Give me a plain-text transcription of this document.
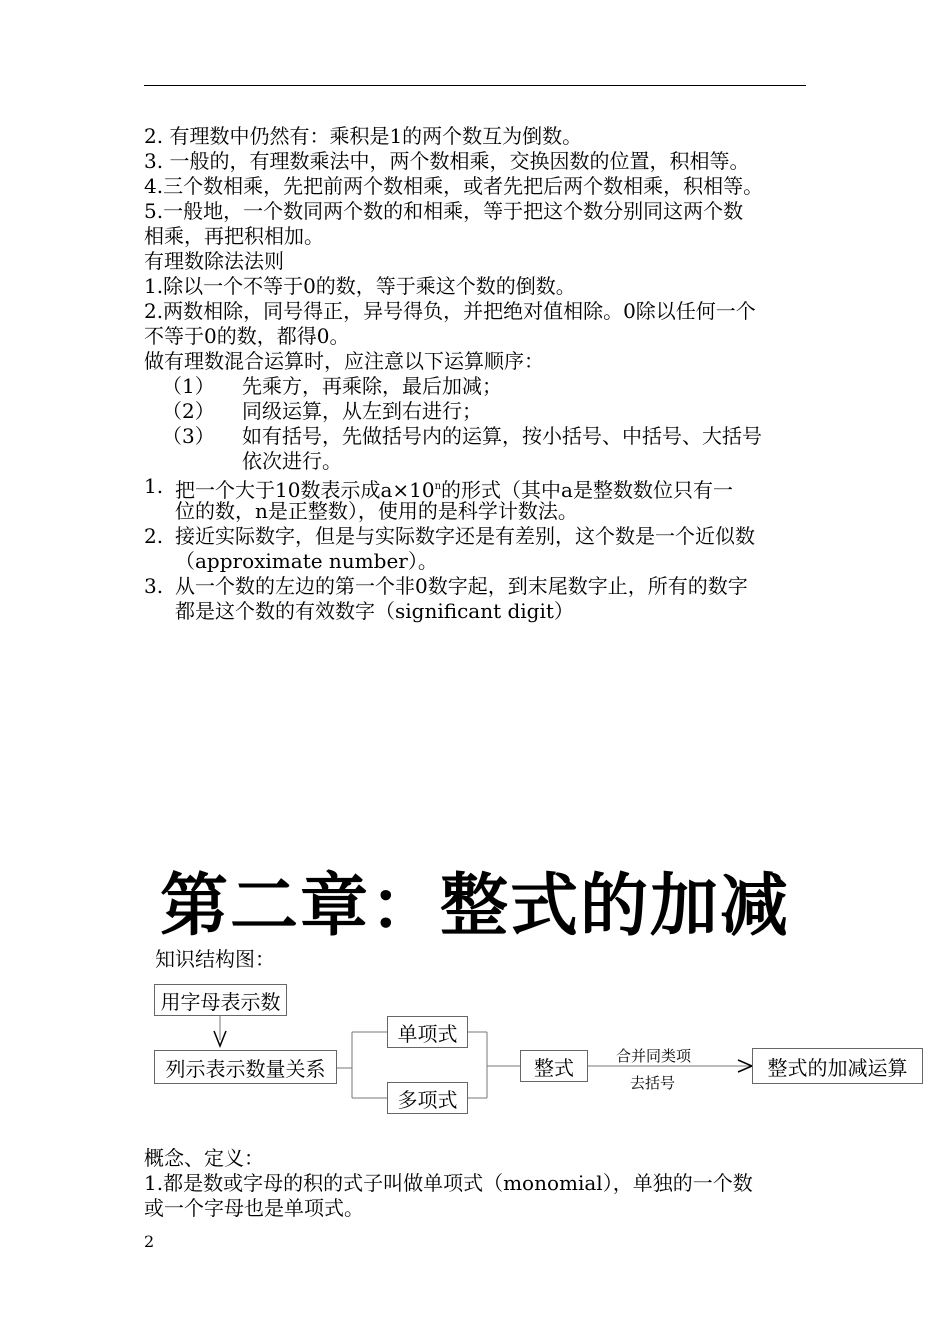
2. 有理数中仍然有：乘积是1的两个数互为倒数。
3. 一般的，有理数乘法中，两个数相乘，交换因数的位置，积相等。
4.三个数相乘，先把前两个数相乘，或者先把后两个数相乘，积相等。
5.一般地，一个数同两个数的和相乘，等于把这个数分别同这两个数
相乘，再把积相加。
有理数除法法则
1.除以一个不等于0的数，等于乘这个数的倒数。
2.两数相除，同号得正，异号得负，并把绝对值相除。0除以任何一个
不等于0的数，都得0。
做有理数混合运算时，应注意以下运算顺序：
（1） 先乘方，再乘除，最后加减；
（2） 同级运算，从左到右进行；
（3） 如有括号，先做括号内的运算，按小括号、中括号、大括号
依次进行。
1. 把一个大于10数表示成$a\times 10^n$的形式（其中a是整数数位只有一
位的数，n是正整数），使用的是科学计数法。
2. 接近实际数字，但是与实际数字还是有差别，这个数是一个近似数
（approximate number）。
3. 从一个数的左边的第一个非0数字起，到末尾数字止，所有的数字
都是这个数的有效数字（significant digit）
第二章：整式的加减
知识结构图：
用字母表示数
列示表示数量关系
单项式
多项式
整式	合并同类项
去括号
整式的加减运算
概念、定义：
1.都是数或字母的积的式子叫做单项式（monomial），单独的一个数
或一个字母也是单项式。
2
